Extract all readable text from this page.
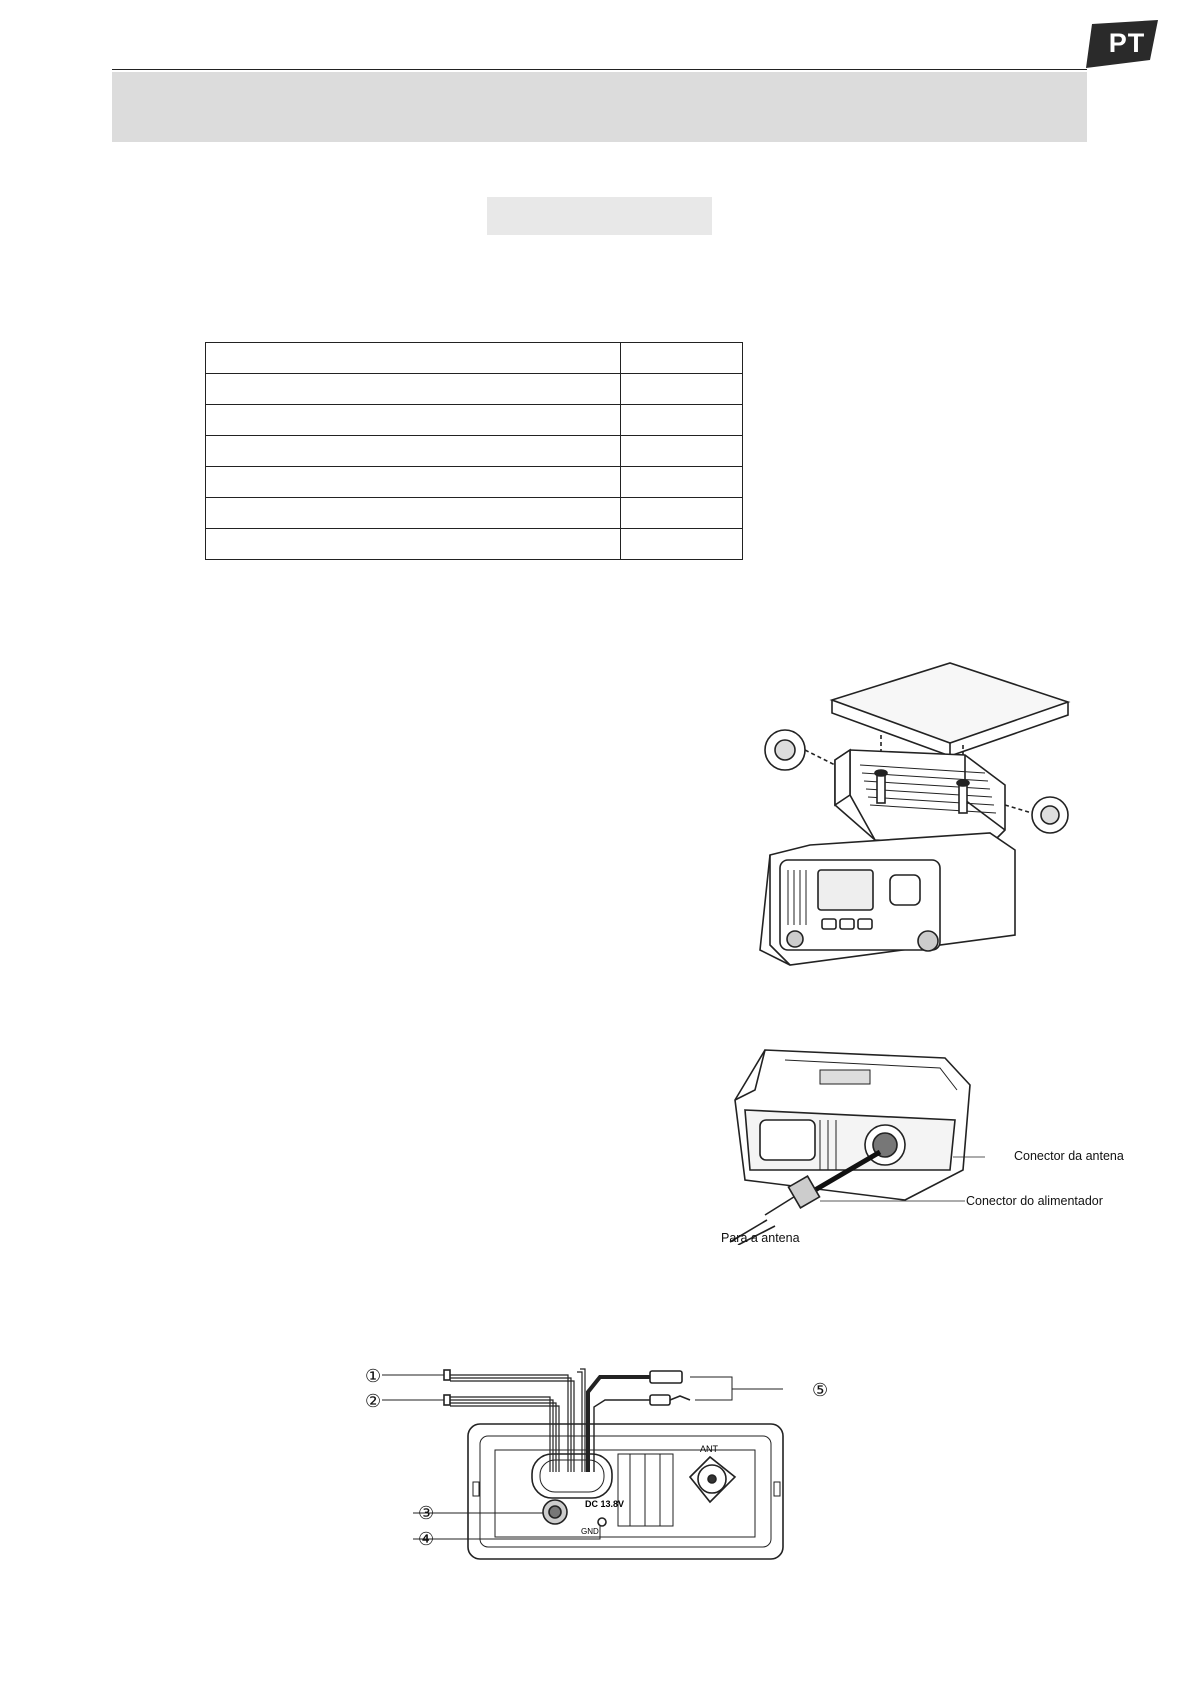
PT

Conector da antena
Conector do alimentador
Para a antena
DC 13.8V
GND
ANT
①
②
③
④
⑤
